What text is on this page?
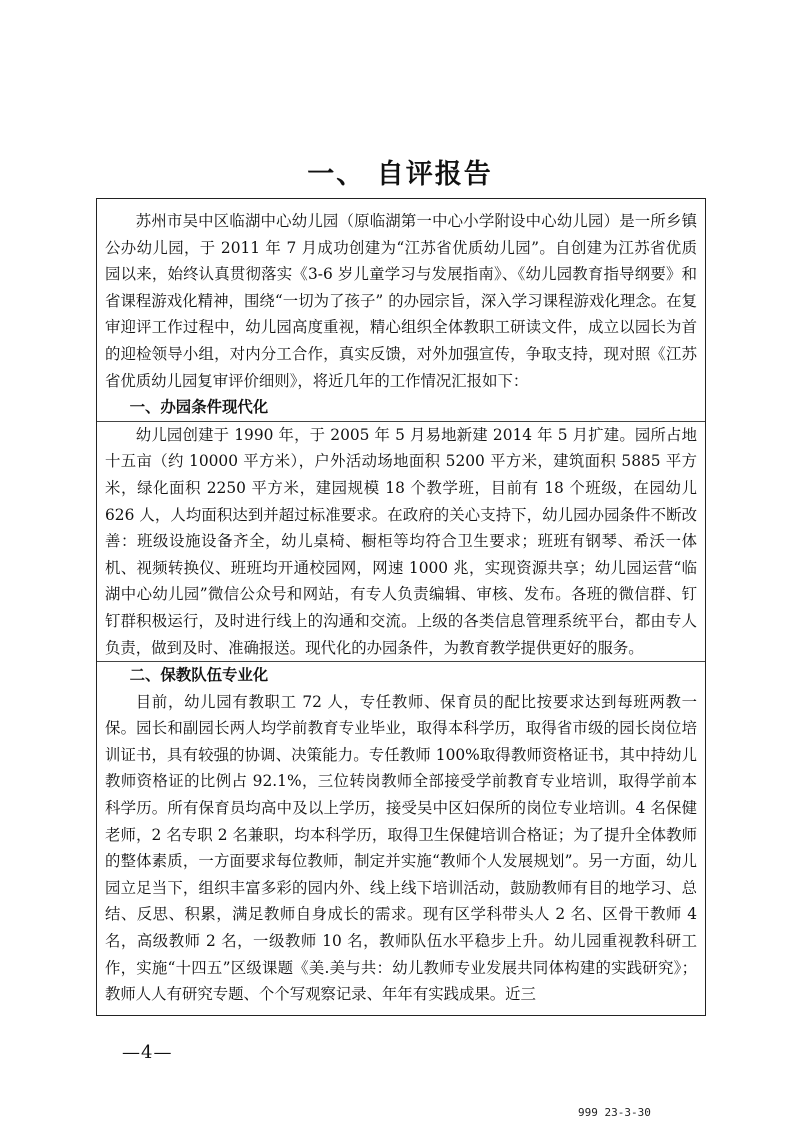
一、 自评报告

苏州市吴中区临湖中心幼儿园（原临湖第一中心小学附设中心幼儿园）是一所乡镇公办幼儿园，于 2011 年 7 月成功创建为“江苏省优质幼儿园”。自创建为江苏省优质园以来，始终认真贯彻落实《3-6 岁儿童学习与发展指南》、《幼儿园教育指导纲要》和省课程游戏化精神，围绕“一切为了孩子” 的办园宗旨，深入学习课程游戏化理念。在复审迎评工作过程中，幼儿园高度重视，精心组织全体教职工研读文件，成立以园长为首的迎检领导小组，对内分工合作，真实反馈，对外加强宣传，争取支持，现对照《江苏省优质幼儿园复审评价细则》，将近几年的工作情况汇报如下：

一、办园条件现代化

幼儿园创建于 1990 年，于 2005 年 5 月易地新建 2014 年 5 月扩建。园所占地十五亩（约 10000 平方米），户外活动场地面积 5200 平方米，建筑面积 5885 平方米，绿化面积 2250 平方米，建园规模 18 个教学班，目前有 18 个班级，在园幼儿 626 人，人均面积达到并超过标准要求。在政府的关心支持下，幼儿园办园条件不断改善：班级设施设备齐全，幼儿桌椅、橱柜等均符合卫生要求；班班有钢琴、希沃一体机、视频转换仪、班班均开通校园网，网速 1000 兆，实现资源共享；幼儿园运营“临湖中心幼儿园”微信公众号和网站，有专人负责编辑、审核、发布。各班的微信群、钉钉群积极运行，及时进行线上的沟通和交流。上级的各类信息管理系统平台，都由专人负责，做到及时、准确报送。现代化的办园条件，为教育教学提供更好的服务。

二、保教队伍专业化

目前，幼儿园有教职工 72 人，专任教师、保育员的配比按要求达到每班两教一保。园长和副园长两人均学前教育专业毕业，取得本科学历，取得省市级的园长岗位培训证书，具有较强的协调、决策能力。专任教师 100%取得教师资格证书，其中持幼儿教师资格证的比例占 92.1%，三位转岗教师全部接受学前教育专业培训，取得学前本科学历。所有保育员均高中及以上学历，接受吴中区妇保所的岗位专业培训。4 名保健老师，2 名专职 2 名兼职，均本科学历，取得卫生保健培训合格证；为了提升全体教师的整体素质，一方面要求每位教师，制定并实施“教师个人发展规划”。另一方面，幼儿园立足当下，组织丰富多彩的园内外、线上线下培训活动，鼓励教师有目的地学习、总结、反思、积累，满足教师自身成长的需求。现有区学科带头人 2 名、区骨干教师 4 名，高级教师 2 名，一级教师 10 名，教师队伍水平稳步上升。幼儿园重视教科研工作，实施“十四五”区级课题《美.美与共：幼儿教师专业发展共同体构建的实践研究》；教师人人有研究专题、个个写观察记录、年年有实践成果。近三

—4—
999 23-3-30
